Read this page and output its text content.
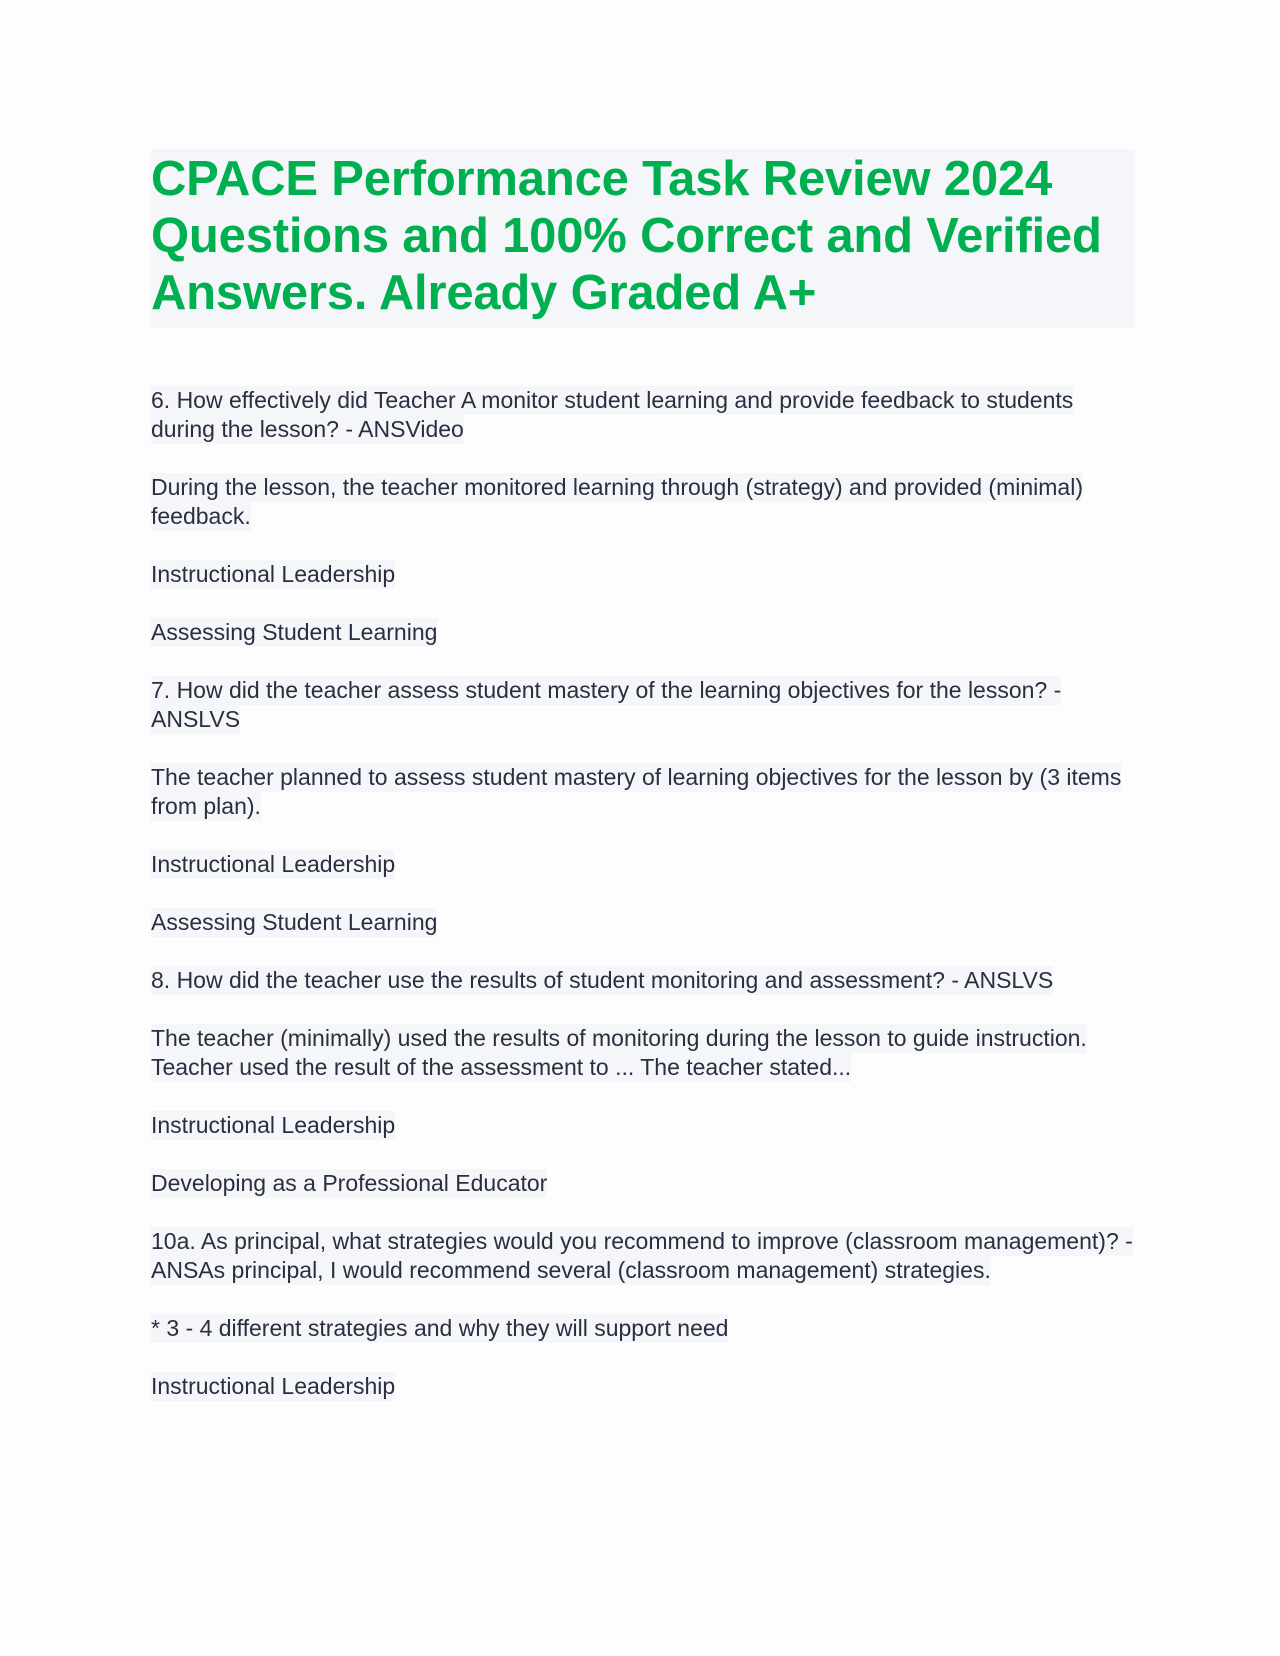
CPACE Performance Task Review 2024 Questions and 100% Correct and Verified Answers. Already Graded A+

6. How effectively did Teacher A monitor student learning and provide feedback to students during the lesson? - ANSVideo

During the lesson, the teacher monitored learning through (strategy) and provided (minimal) feedback.

Instructional Leadership

Assessing Student Learning

7. How did the teacher assess student mastery of the learning objectives for the lesson? - ANSLVS

The teacher planned to assess student mastery of learning objectives for the lesson by (3 items from plan).

Instructional Leadership

Assessing Student Learning

8. How did the teacher use the results of student monitoring and assessment? - ANSLVS

The teacher (minimally) used the results of monitoring during the lesson to guide instruction. Teacher used the result of the assessment to ... The teacher stated...

Instructional Leadership

Developing as a Professional Educator

10a. As principal, what strategies would you recommend to improve (classroom management)? - ANSAs principal, I would recommend several (classroom management) strategies.

* 3 - 4 different strategies and why they will support need

Instructional Leadership
